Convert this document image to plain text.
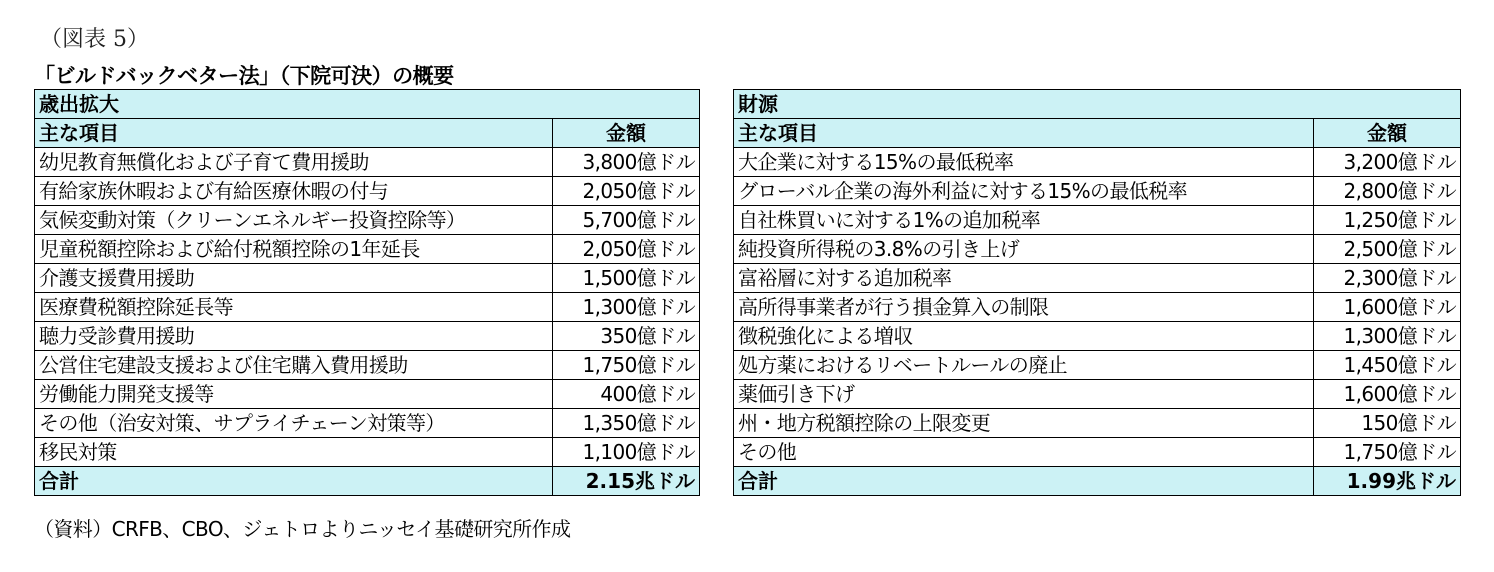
（図表 5）
「ビルドバックベター法」（下院可決）の概要
歳出拡大	
主な項目	金額
幼児教育無償化および子育て費用援助	3,800億ドル
有給家族休暇および有給医療休暇の付与	2,050億ドル
気候変動対策（クリーンエネルギー投資控除等）	5,700億ドル
児童税額控除および給付税額控除の1年延長	2,050億ドル
介護支援費用援助	1,500億ドル
医療費税額控除延長等	1,300億ドル
聴力受診費用援助	350億ドル
公営住宅建設支援および住宅購入費用援助	1,750億ドル
労働能力開発支援等	400億ドル
その他（治安対策、サプライチェーン対策等）	1,350億ドル
移民対策	1,100億ドル
合計	2.15兆ドル
財源	
主な項目	金額
大企業に対する15%の最低税率	3,200億ドル
グローバル企業の海外利益に対する15%の最低税率	2,800億ドル
自社株買いに対する1%の追加税率	1,250億ドル
純投資所得税の3.8%の引き上げ	2,500億ドル
富裕層に対する追加税率	2,300億ドル
高所得事業者が行う損金算入の制限	1,600億ドル
徴税強化による増収	1,300億ドル
処方薬におけるリベートルールの廃止	1,450億ドル
薬価引き下げ	1,600億ドル
州・地方税額控除の上限変更	150億ドル
その他	1,750億ドル
合計	1.99兆ドル
（資料）CRFB、CBO、ジェトロよりニッセイ基礎研究所作成
